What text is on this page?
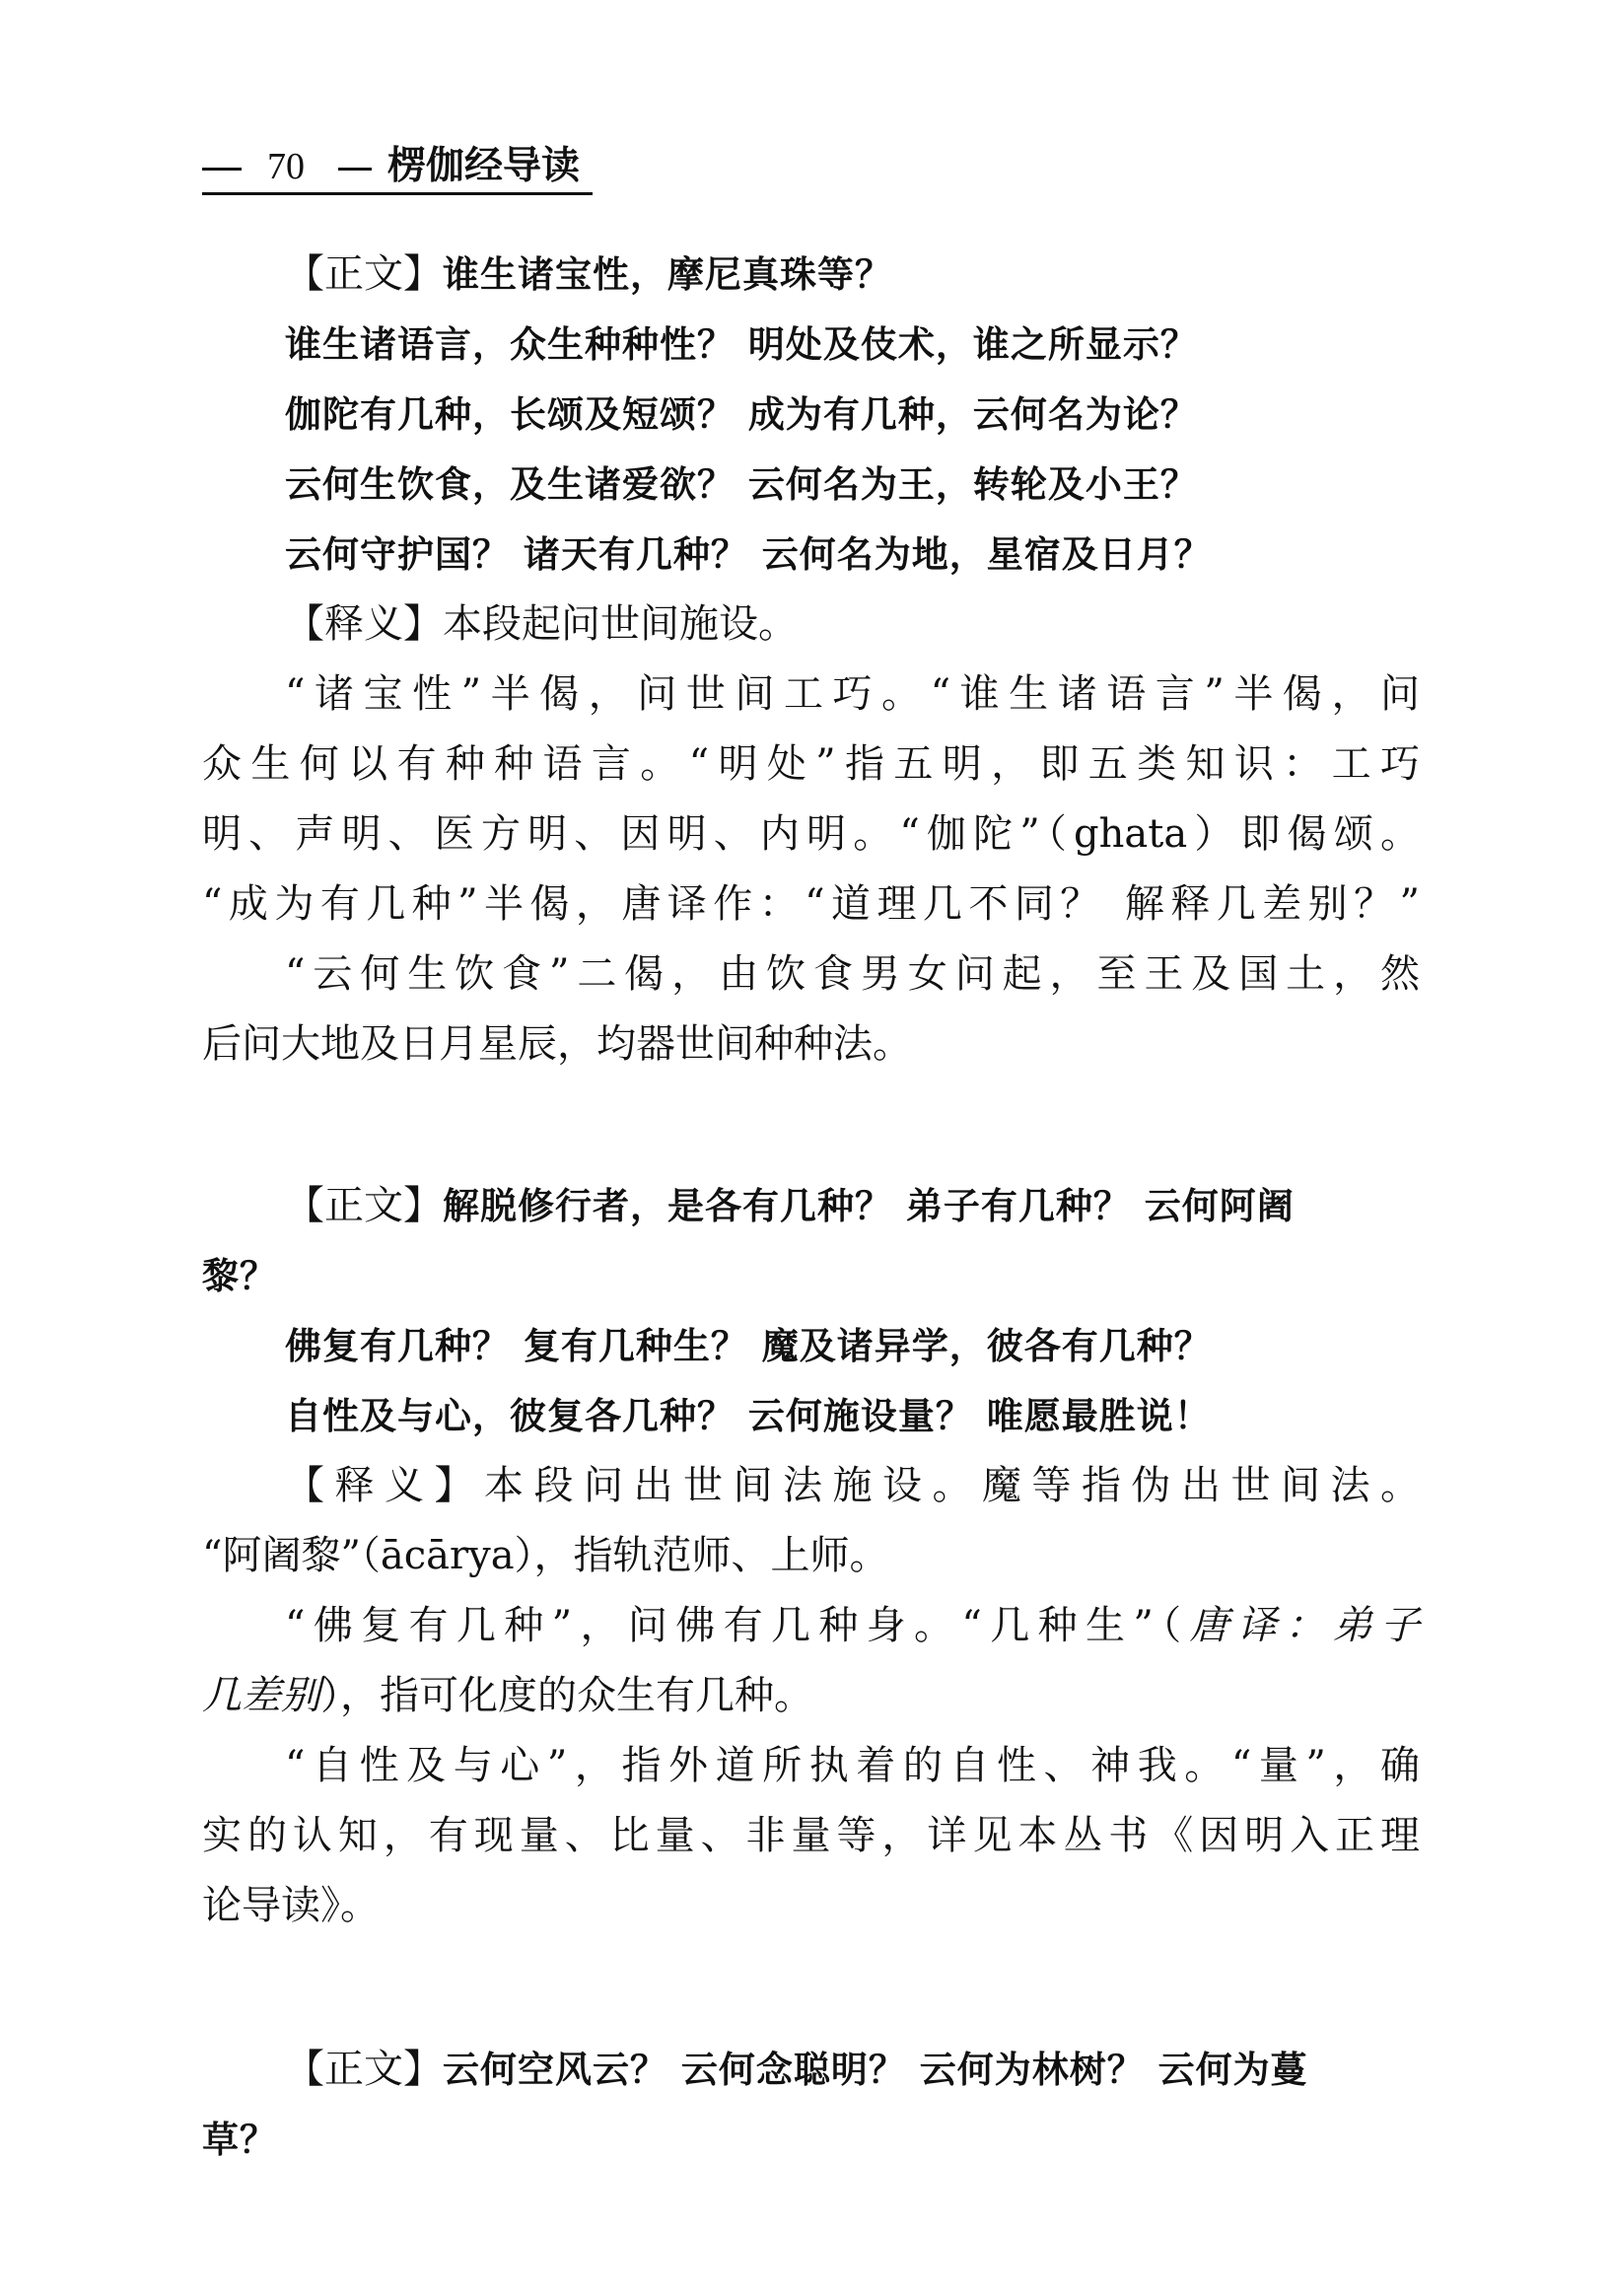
70 楞伽经导读
【正文】谁生诸宝性，摩尼真珠等？
谁生诸语言，众生种种性？ 明处及伎术，谁之所显示？
伽陀有几种，长颂及短颂？ 成为有几种，云何名为论？
云何生饮食，及生诸爱欲？ 云何名为王，转轮及小王？
云何守护国？ 诸天有几种？ 云何名为地，星宿及日月？
【释义】本段起问世间施设。
“诸宝性”半偈，问世间工巧。“谁生诸语言”半偈，问
众生何以有种种语言。“明处”指五明，即五类知识：工巧
明、声明、医方明、因明、内明。“伽陀”（ghata）即偈颂。
“成为有几种”半偈，唐译作：“道理几不同？ 解释几差别？”
“云何生饮食”二偈，由饮食男女问起，至王及国土，然
后问大地及日月星辰，均器世间种种法。
【正文】解脱修行者，是各有几种？ 弟子有几种？ 云何阿阇
黎？
佛复有几种？ 复有几种生？ 魔及诸异学，彼各有几种？
自性及与心，彼复各几种？ 云何施设量？ 唯愿最胜说！
【释义】本段问出世间法施设。魔等指伪出世间法。
“阿阇黎”（ācārya），指轨范师、上师。
“佛复有几种”，问佛有几种身。“几种生”（唐译：弟子
几差别），指可化度的众生有几种。
“自性及与心”，指外道所执着的自性、神我。“量”，确
实的认知，有现量、比量、非量等，详见本丛书《因明入正理
论导读》。
【正文】云何空风云？ 云何念聪明？ 云何为林树？ 云何为蔓
草？
